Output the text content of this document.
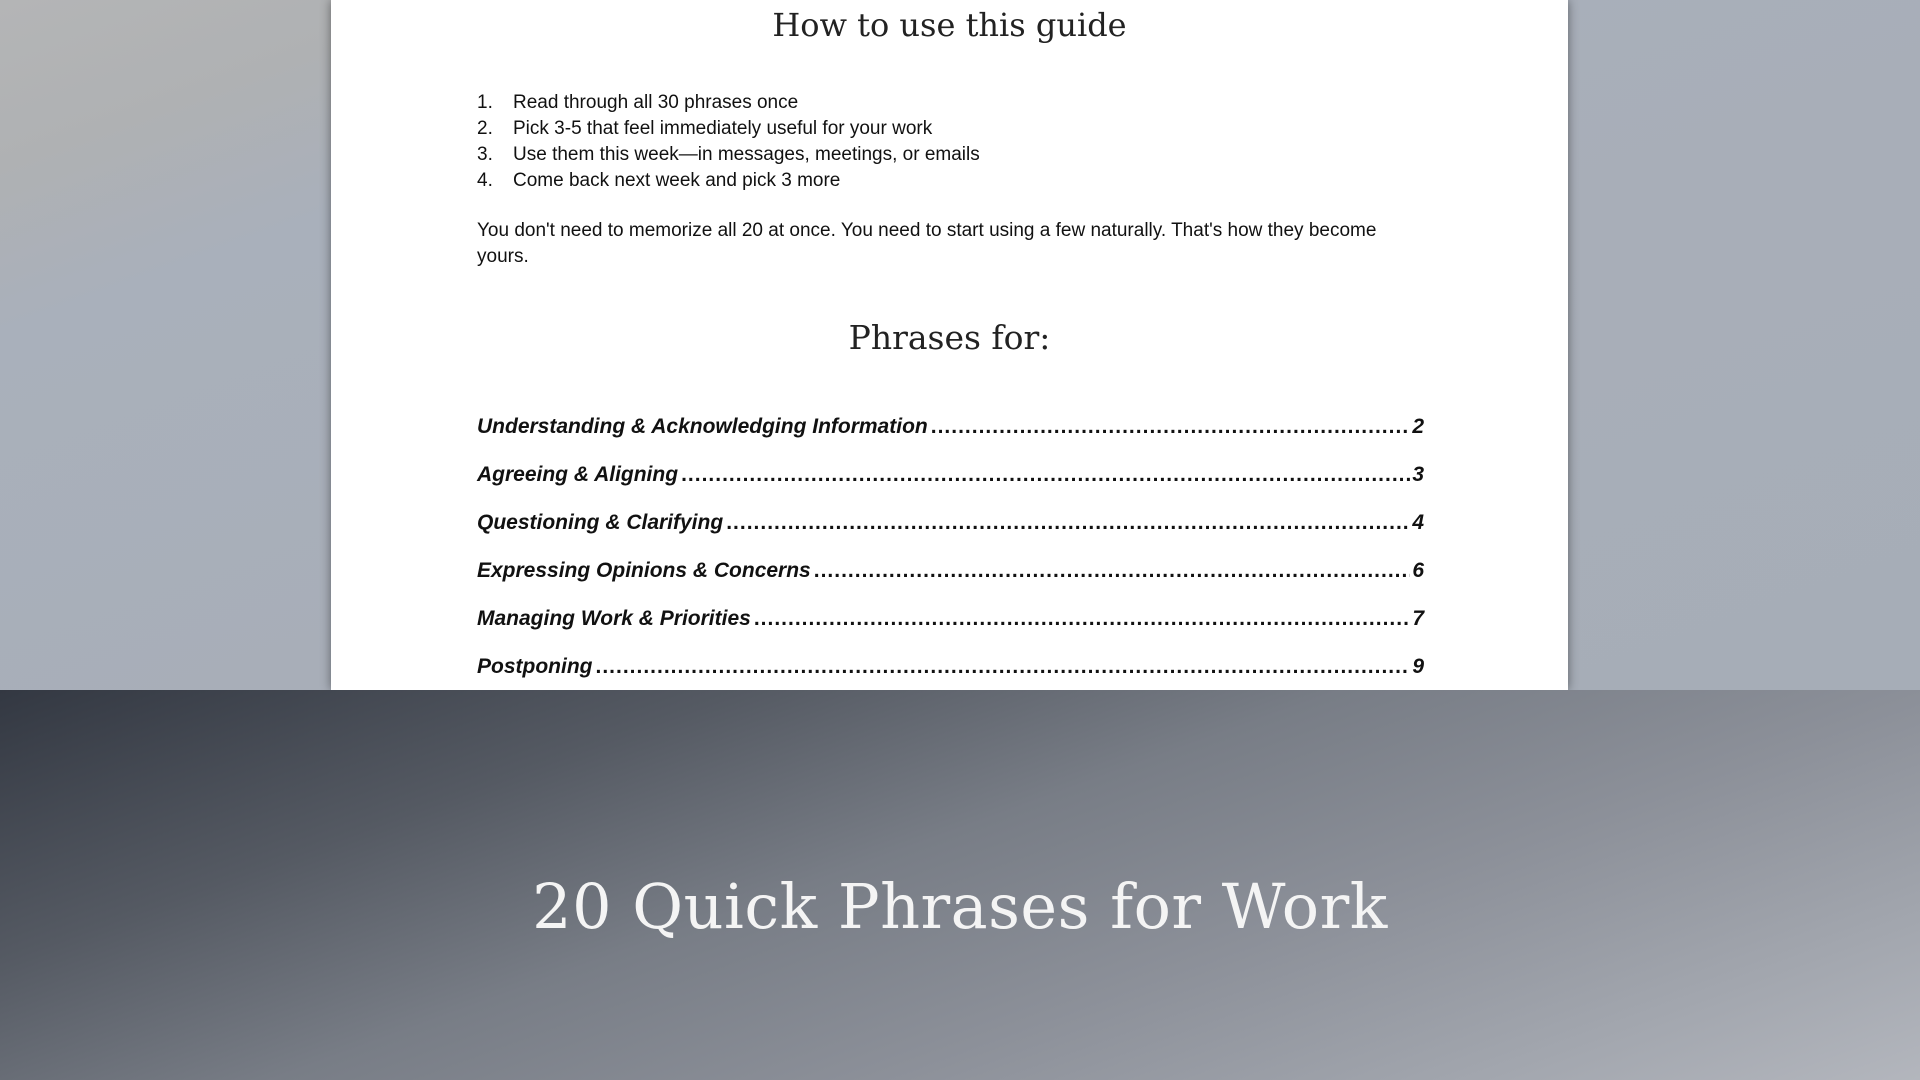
How to use this guide
1.	Read through all 30 phrases once
2.	Pick 3-5 that feel immediately useful for your work
3.	Use them this week—in messages, meetings, or emails
4.	Come back next week and pick 3 more

You don't need to memorize all 20 at once. You need to start using a few naturally. That's how they become yours.

Phrases for:
Understanding & Acknowledging Information .....	2
Agreeing & Aligning .....	3
Questioning & Clarifying .....	4
Expressing Opinions & Concerns .....	6
Managing Work & Priorities .....	7
Postponing .....	9
20 Quick Phrases for Work
